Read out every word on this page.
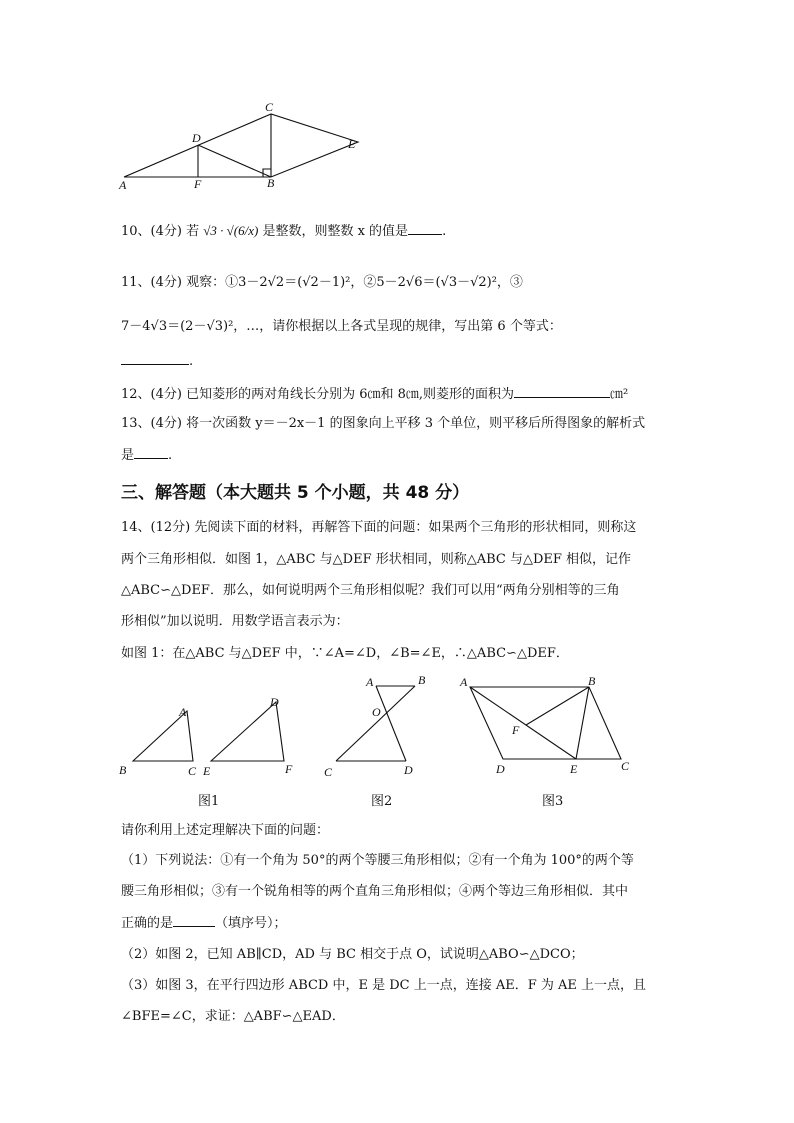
C
D	E
A	F	B
10、(4分) 若 √3 · √(6/x) 是整数，则整数 x 的值是	.
11、(4分) 观察：①3－2√2＝(√2－1)²，②5－2√6＝(√3－√2)²，③
7－4√3＝(2－√3)²，…，请你根据以上各式呈现的规律，写出第 6 个等式：
.
12、(4分) 已知菱形的两对角线长分别为 6㎝和 8㎝,则菱形的面积为	㎝²
13、(4分) 将一次函数 y＝－2x－1 的图象向上平移 3 个单位，则平移后所得图象的解析式
是	.
三、解答题（本大题共 5 个小题，共 48 分）
14、(12分) 先阅读下面的材料，再解答下面的问题：如果两个三角形的形状相同，则称这
两个三角形相似．如图 1，△ABC 与△DEF 形状相同，则称△ABC 与△DEF 相似，记作
△ABC∽△DEF．那么，如何说明两个三角形相似呢？我们可以用“两角分别相等的三角
形相似”加以说明．用数学语言表示为：
如图 1：在△ABC 与△DEF 中，∵∠A=∠D，∠B=∠E，∴△ABC∽△DEF．
A
B	C
D
E	F
图1
A	B
O
C	D
图2
A	B
F
D	E	C
图3
请你利用上述定理解决下面的问题：
（1）下列说法：①有一个角为 50°的两个等腰三角形相似；②有一个角为 100°的两个等
腰三角形相似；③有一个锐角相等的两个直角三角形相似；④两个等边三角形相似．其中
正确的是	（填序号）；
（2）如图 2，已知 AB∥CD，AD 与 BC 相交于点 O，试说明△ABO∽△DCO；
（3）如图 3，在平行四边形 ABCD 中，E 是 DC 上一点，连接 AE．F 为 AE 上一点，且
∠BFE=∠C，求证：△ABF∽△EAD．
